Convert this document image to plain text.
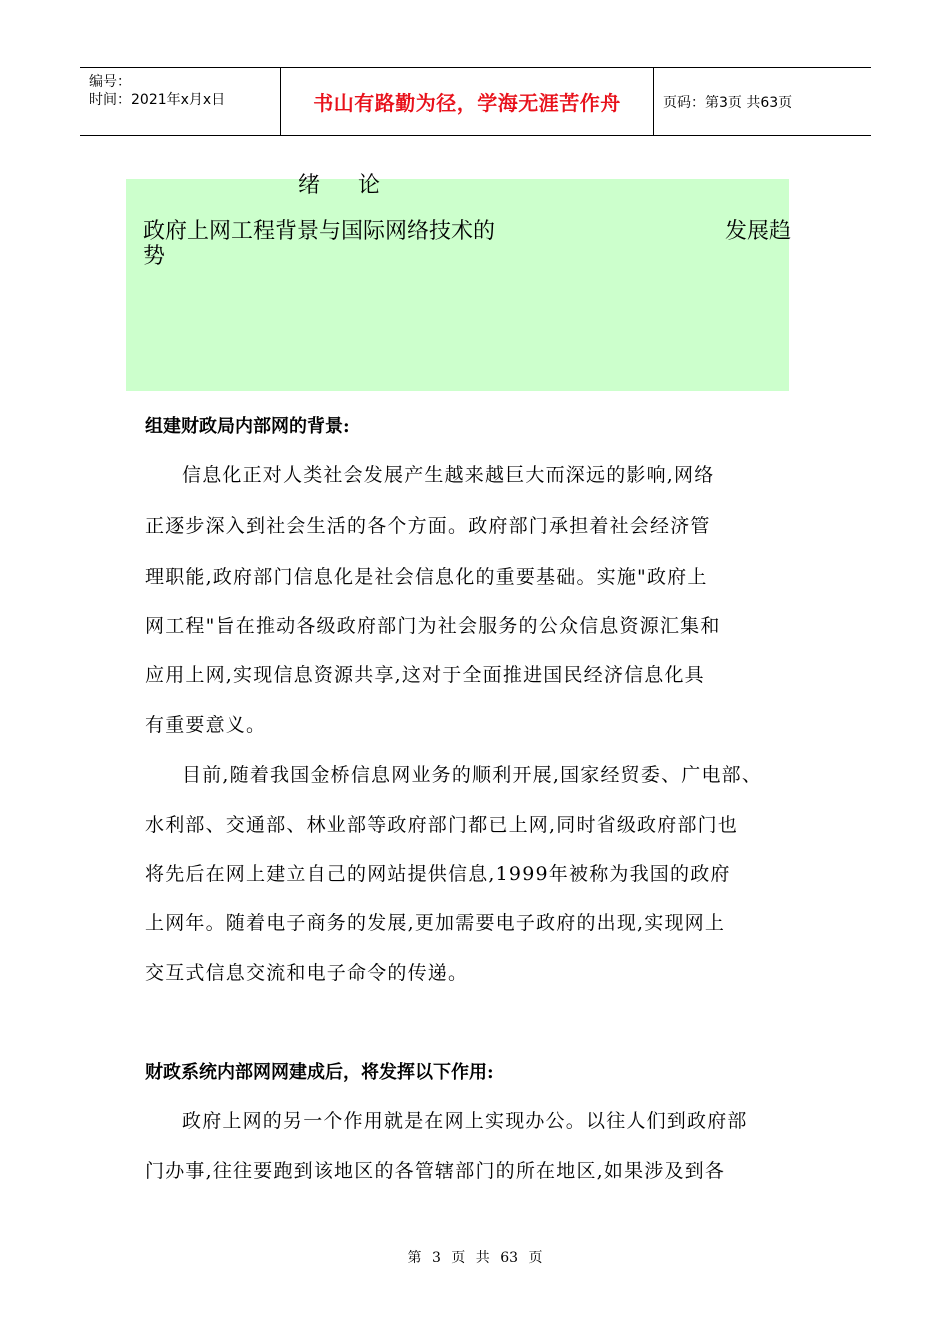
编号：
时间：2021年x月x日	书山有路勤为径，学海无涯苦作舟	页码：第3页 共63页
绪 论
政府上网工程背景与国际网络技术的	发展趋
势
组建财政局内部网的背景:
信息化正对人类社会发展产生越来越巨大而深远的影响,网络
正逐步深入到社会生活的各个方面。政府部门承担着社会经济管
理职能,政府部门信息化是社会信息化的重要基础。实施"政府上
网工程"旨在推动各级政府部门为社会服务的公众信息资源汇集和
应用上网,实现信息资源共享,这对于全面推进国民经济信息化具
有重要意义。
目前,随着我国金桥信息网业务的顺利开展,国家经贸委、广电部、
水利部、交通部、林业部等政府部门都已上网,同时省级政府部门也
将先后在网上建立自己的网站提供信息,1999年被称为我国的政府
上网年。随着电子商务的发展,更加需要电子政府的出现,实现网上
交互式信息交流和电子命令的传递。
财政系统内部网网建成后，将发挥以下作用:
政府上网的另一个作用就是在网上实现办公。以往人们到政府部
门办事,往往要跑到该地区的各管辖部门的所在地区,如果涉及到各
第 3 页 共 63 页
